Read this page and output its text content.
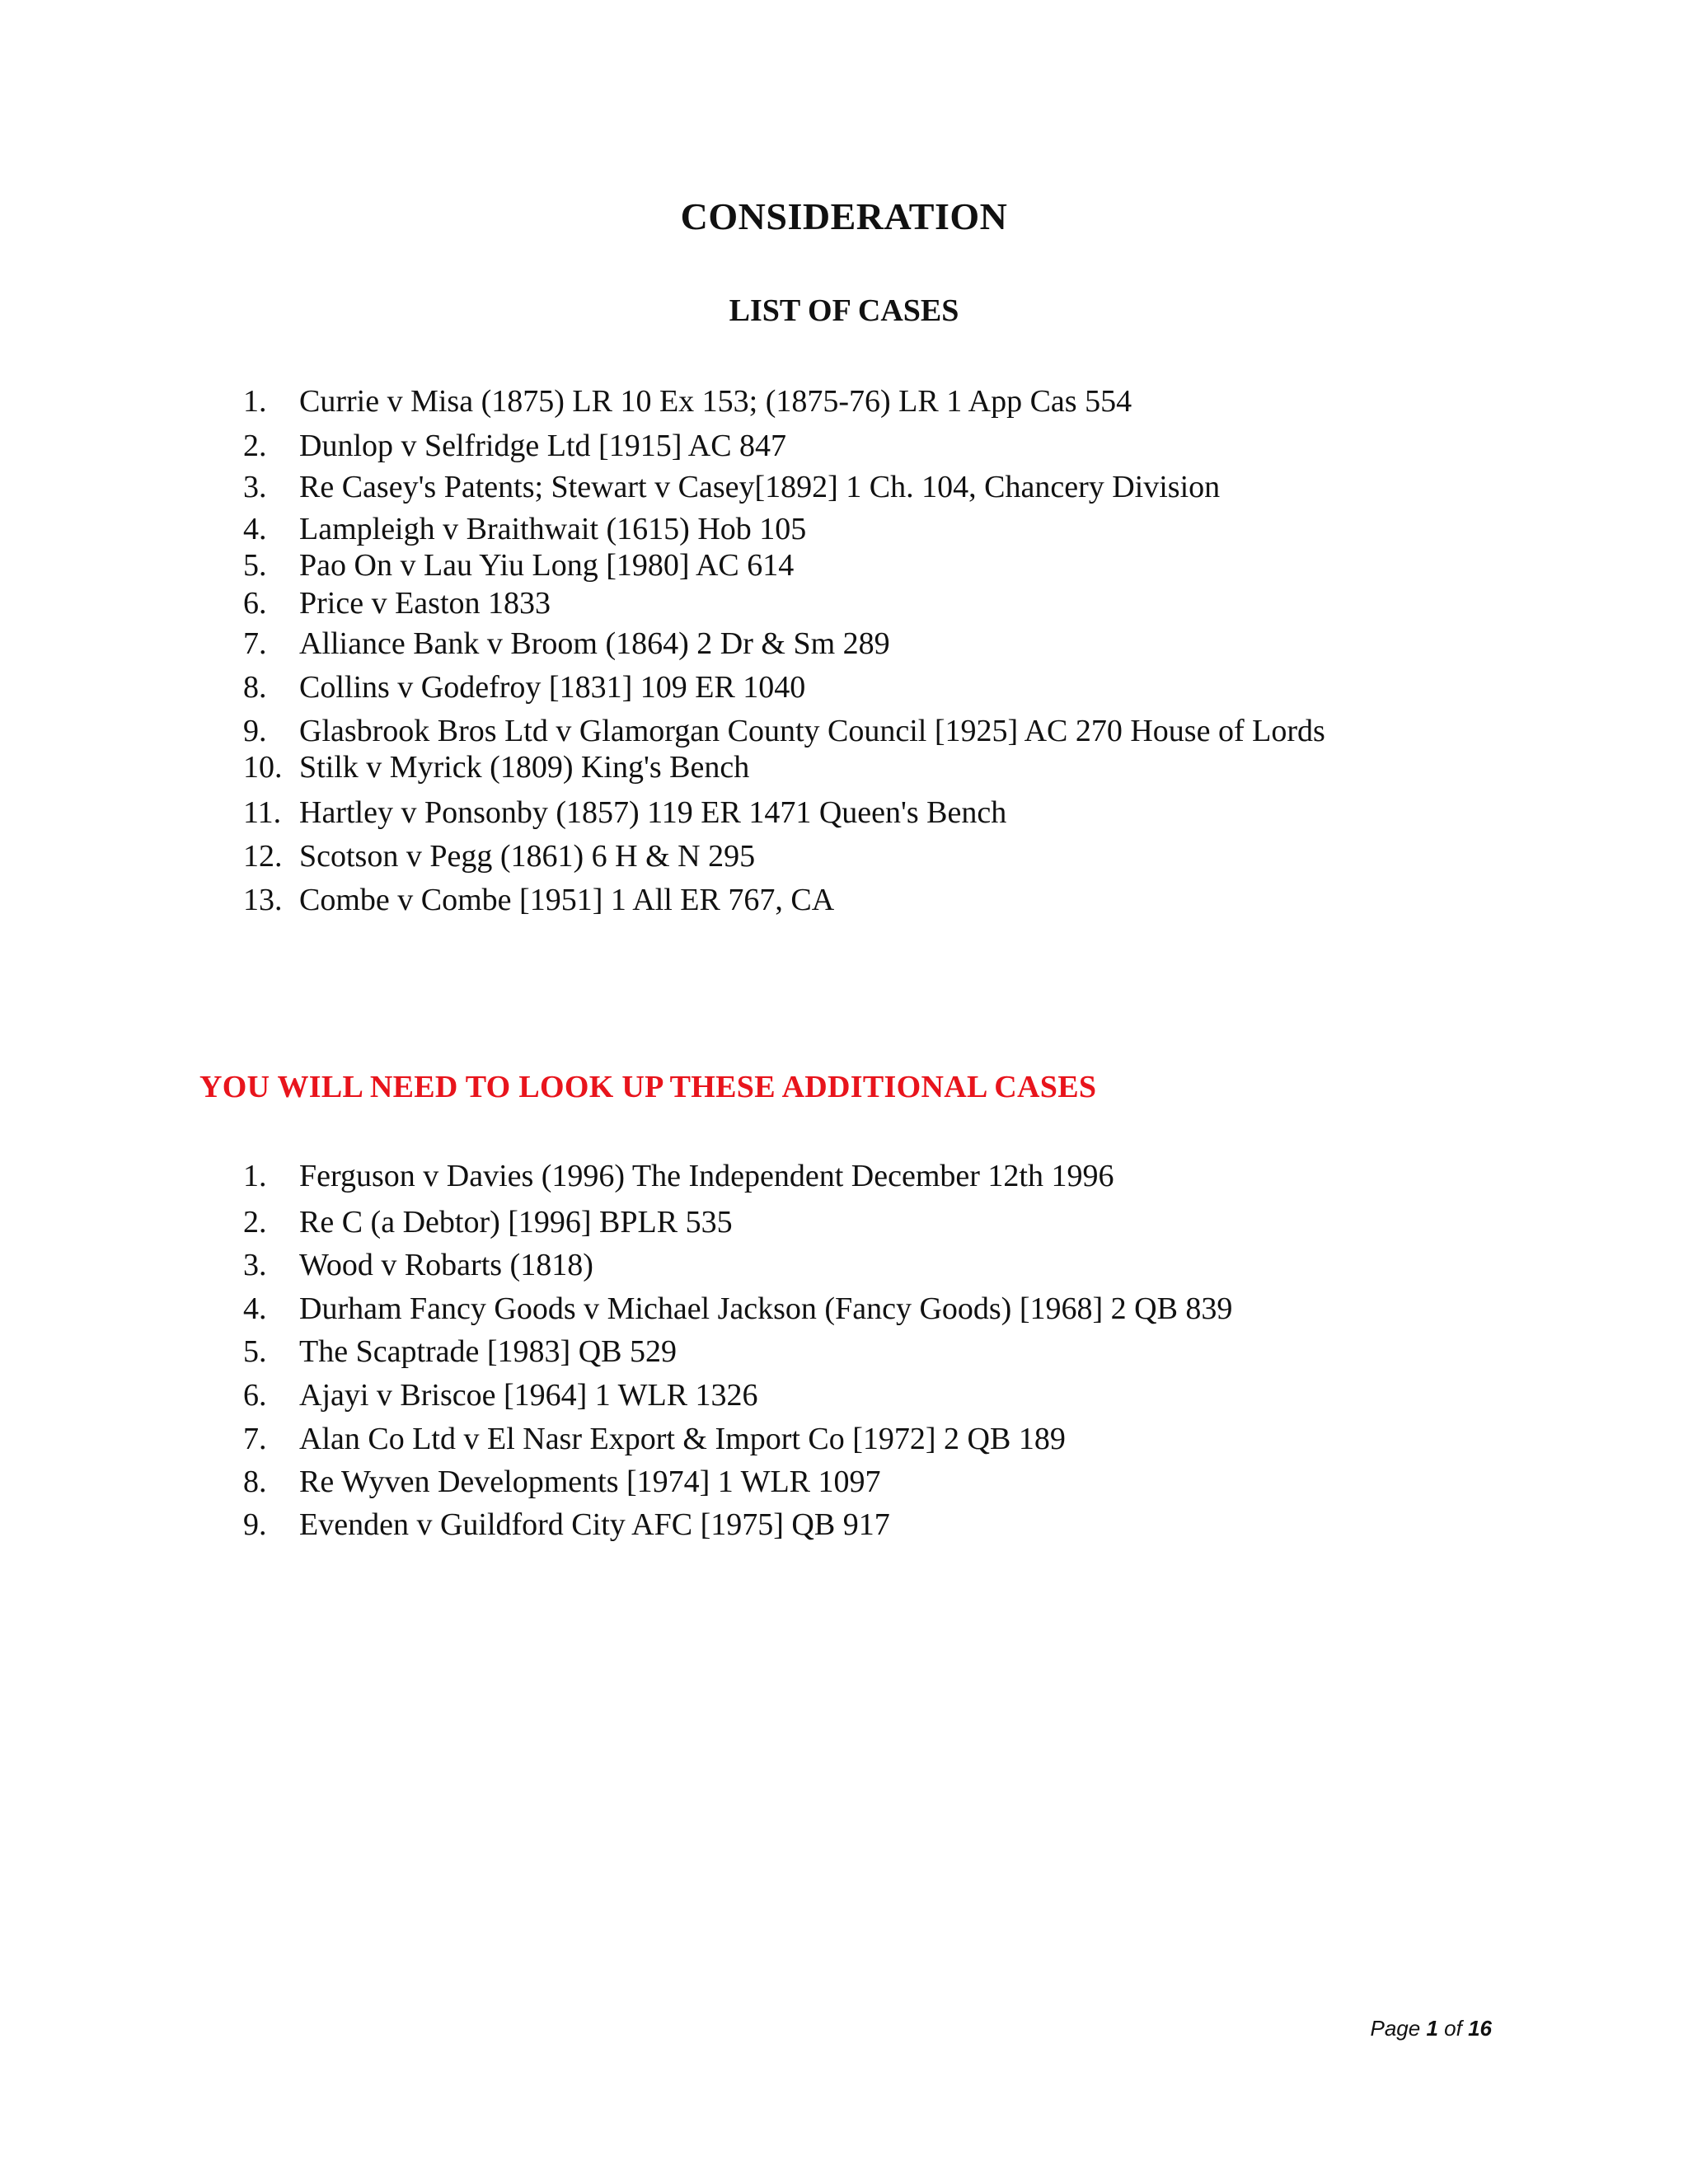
CONSIDERATION
LIST OF CASES
1. Currie v Misa (1875) LR 10 Ex 153; (1875-76) LR 1 App Cas 554
2. Dunlop v Selfridge Ltd [1915] AC 847
3. Re Casey's Patents; Stewart v Casey[1892] 1 Ch. 104, Chancery Division
4. Lampleigh v Braithwait (1615) Hob 105
5. Pao On v Lau Yiu Long [1980] AC 614
6. Price v Easton 1833
7. Alliance Bank v Broom (1864) 2 Dr & Sm 289
8. Collins v Godefroy [1831] 109 ER 1040
9. Glasbrook Bros Ltd v Glamorgan County Council [1925] AC 270 House of Lords
10. Stilk v Myrick (1809) King's Bench
11. Hartley v Ponsonby (1857) 119 ER 1471 Queen's Bench
12. Scotson v Pegg (1861) 6 H & N 295
13. Combe v Combe [1951] 1 All ER 767, CA
1. Ferguson v Davies (1996) The Independent December 12th 1996
2. Re C (a Debtor) [1996] BPLR 535
3. Wood v Robarts (1818)
4. Durham Fancy Goods v Michael Jackson (Fancy Goods) [1968] 2 QB 839
5. The Scaptrade [1983] QB 529
6. Ajayi v Briscoe [1964] 1 WLR 1326
7. Alan Co Ltd v El Nasr Export & Import Co [1972] 2 QB 189
8. Re Wyven Developments [1974] 1 WLR 1097
9. Evenden v Guildford City AFC [1975] QB 917
YOU WILL NEED TO LOOK UP THESE ADDITIONAL CASES
Page 1 of 16
